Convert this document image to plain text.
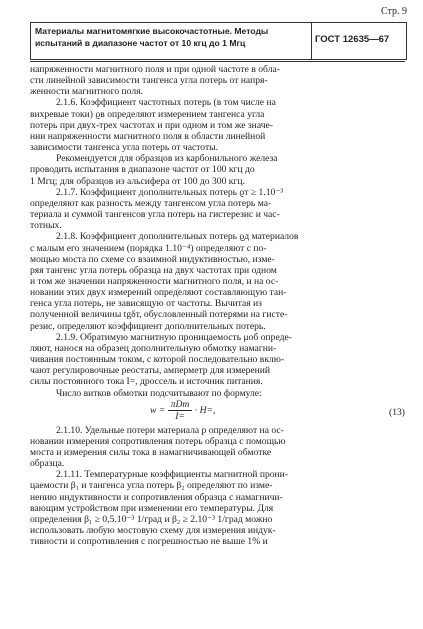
Стр. 9
Материалы магнитомягкие высокочастотные. Методы
испытаний в диапазоне частот от 10 кгц до 1 Мгц	ГОСТ 12635—67
напряженности магнитного поля и при одной частоте в обла-
сти линейной зависимости тангенса угла потерь от напря-
женности магнитного поля.
2.1.6. Коэффициент частотных потерь (в том числе на
вихревые токи) ϱв определяют измерением тангенса угла
потерь при двух-трех частотах и при одном и том же значе-
нии напряженности магнитного поля в области линейной
зависимости тангенса угла потерь от частоты.
Рекомендуется для образцов из карбонильного железа
проводить испытания в диапазоне частот от 100 кгц до
1 Мгц; для образцов из альсифера от 100 до 300 кгц.
2.1.7. Коэффициент дополнительных потерь ϱт ≥ 1.10⁻³
определяют как разность между тангенсом угла потерь ма-
териала и суммой тангенсов угла потерь на гистерезис и час-
тотных.
2.1.8. Коэффициент дополнительных потерь ϱд материалов
с малым его значением (порядка 1.10⁻⁴) определяют с по-
мощью моста по схеме со взаимной индуктивностью, изме-
ряя тангенс угла потерь образца на двух частотах при одном
и том же значении напряженности магнитного поля, и на ос-
новании этих двух измерений определяют составляющую тан-
генса угла потерь, не зависящую от частоты. Вычитая из
полученной величины tgδт, обусловленный потерями на гисте-
резис, определяют коэффициент дополнительных потерь.
2.1.9. Обратимую магнитную проницаемость μоб опреде-
ляют, нанося на образец дополнительную обмотку намагни-
чивания постоянным током, с которой последовательно вклю-
чают регулировочные реостаты, амперметр для измерений
силы постоянного тока I=, дроссель и источник питания.
Число витков обмотки подсчитывают по формуле:
$w = \frac{\text{πDт}}{I=} \cdot H=$,	(13)
2.1.10. Удельные потери материала p определяют на ос-
новании измерения сопротивления потерь образца с помощью
моста и измерения силы тока в намагничивающей обмотке
образца.
2.1.11. Температурные коэффициенты магнитной прони-
цаемости β₁ и тангенса угла потерь β₂ определяют по изме-
нению индуктивности и сопротивления образца с намагничи-
вающим устройством при изменении его температуры. Для
определения β₁ ≥ 0,5.10⁻³ 1/град и β₂ ≥ 2.10⁻³ 1/град можно
использовать любую мостовую схему для измерения индук-
тивности и сопротивления с погрешностью не выше 1% и
